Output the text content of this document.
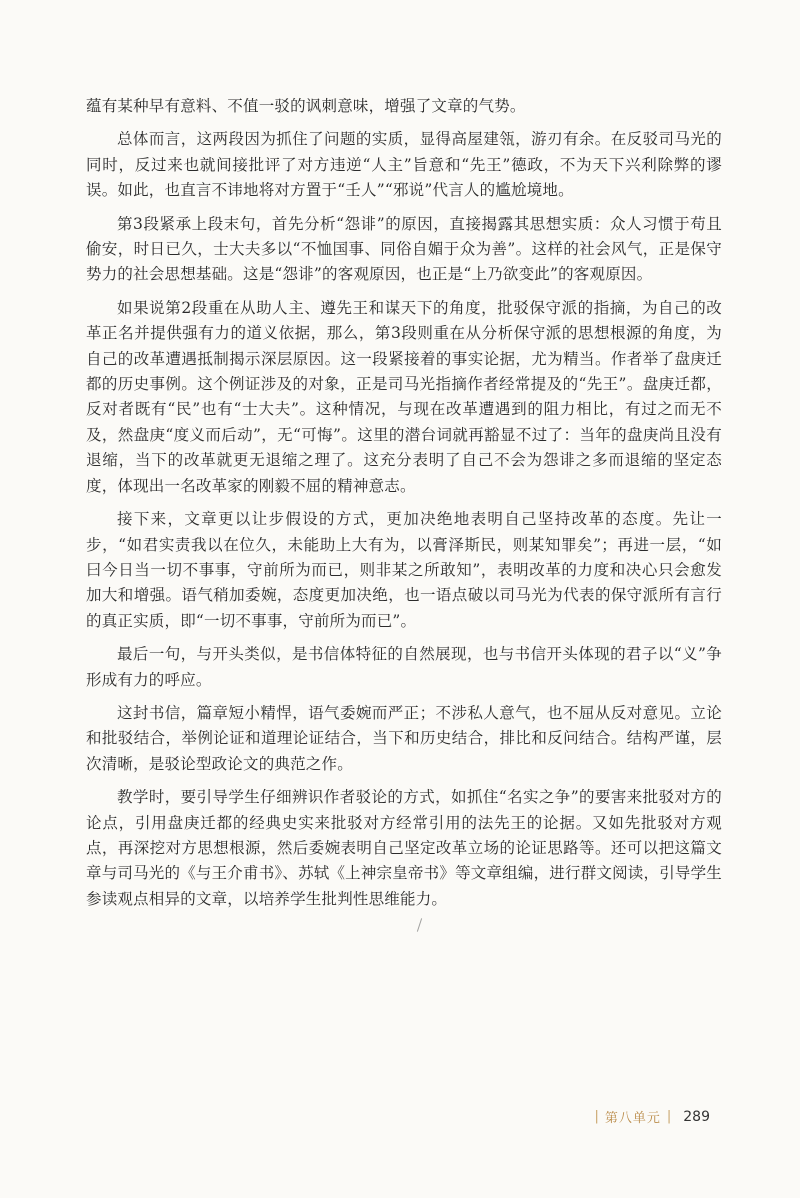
蕴有某种早有意料、不值一驳的讽刺意味，增强了文章的气势。

总体而言，这两段因为抓住了问题的实质，显得高屋建瓴，游刃有余。在反驳司马光的同时，反过来也就间接批评了对方违逆“人主”旨意和“先王”德政，不为天下兴利除弊的谬误。如此，也直言不讳地将对方置于“壬人”“邪说”代言人的尴尬境地。

第3段紧承上段末句，首先分析“怨诽”的原因，直接揭露其思想实质：众人习惯于苟且偷安，时日已久，士大夫多以“不恤国事、同俗自媚于众为善”。这样的社会风气，正是保守势力的社会思想基础。这是“怨诽”的客观原因，也正是“上乃欲变此”的客观原因。

如果说第2段重在从助人主、遵先王和谋天下的角度，批驳保守派的指摘，为自己的改革正名并提供强有力的道义依据，那么，第3段则重在从分析保守派的思想根源的角度，为自己的改革遭遇抵制揭示深层原因。这一段紧接着的事实论据，尤为精当。作者举了盘庚迁都的历史事例。这个例证涉及的对象，正是司马光指摘作者经常提及的“先王”。盘庚迁都，反对者既有“民”也有“士大夫”。这种情况，与现在改革遭遇到的阻力相比，有过之而无不及，然盘庚“度义而后动”，无“可悔”。这里的潜台词就再豁显不过了：当年的盘庚尚且没有退缩，当下的改革就更无退缩之理了。这充分表明了自己不会为怨诽之多而退缩的坚定态度，体现出一名改革家的刚毅不屈的精神意志。

接下来，文章更以让步假设的方式，更加决绝地表明自己坚持改革的态度。先让一步，“如君实责我以在位久，未能助上大有为，以膏泽斯民，则某知罪矣”；再进一层，“如曰今日当一切不事事，守前所为而已，则非某之所敢知”，表明改革的力度和决心只会愈发加大和增强。语气稍加委婉，态度更加决绝，也一语点破以司马光为代表的保守派所有言行的真正实质，即“一切不事事，守前所为而已”。

最后一句，与开头类似，是书信体特征的自然展现，也与书信开头体现的君子以“义”争形成有力的呼应。

这封书信，篇章短小精悍，语气委婉而严正；不涉私人意气，也不屈从反对意见。立论和批驳结合，举例论证和道理论证结合，当下和历史结合，排比和反问结合。结构严谨，层次清晰，是驳论型政论文的典范之作。

教学时，要引导学生仔细辨识作者驳论的方式，如抓住“名实之争”的要害来批驳对方的论点，引用盘庚迁都的经典史实来批驳对方经常引用的法先王的论据。又如先批驳对方观点，再深挖对方思想根源，然后委婉表明自己坚定改革立场的论证思路等。还可以把这篇文章与司马光的《与王介甫书》、苏轼《上神宗皇帝书》等文章组编，进行群文阅读，引导学生参读观点相异的文章，以培养学生批判性思维能力。

| 第八单元 | 289
